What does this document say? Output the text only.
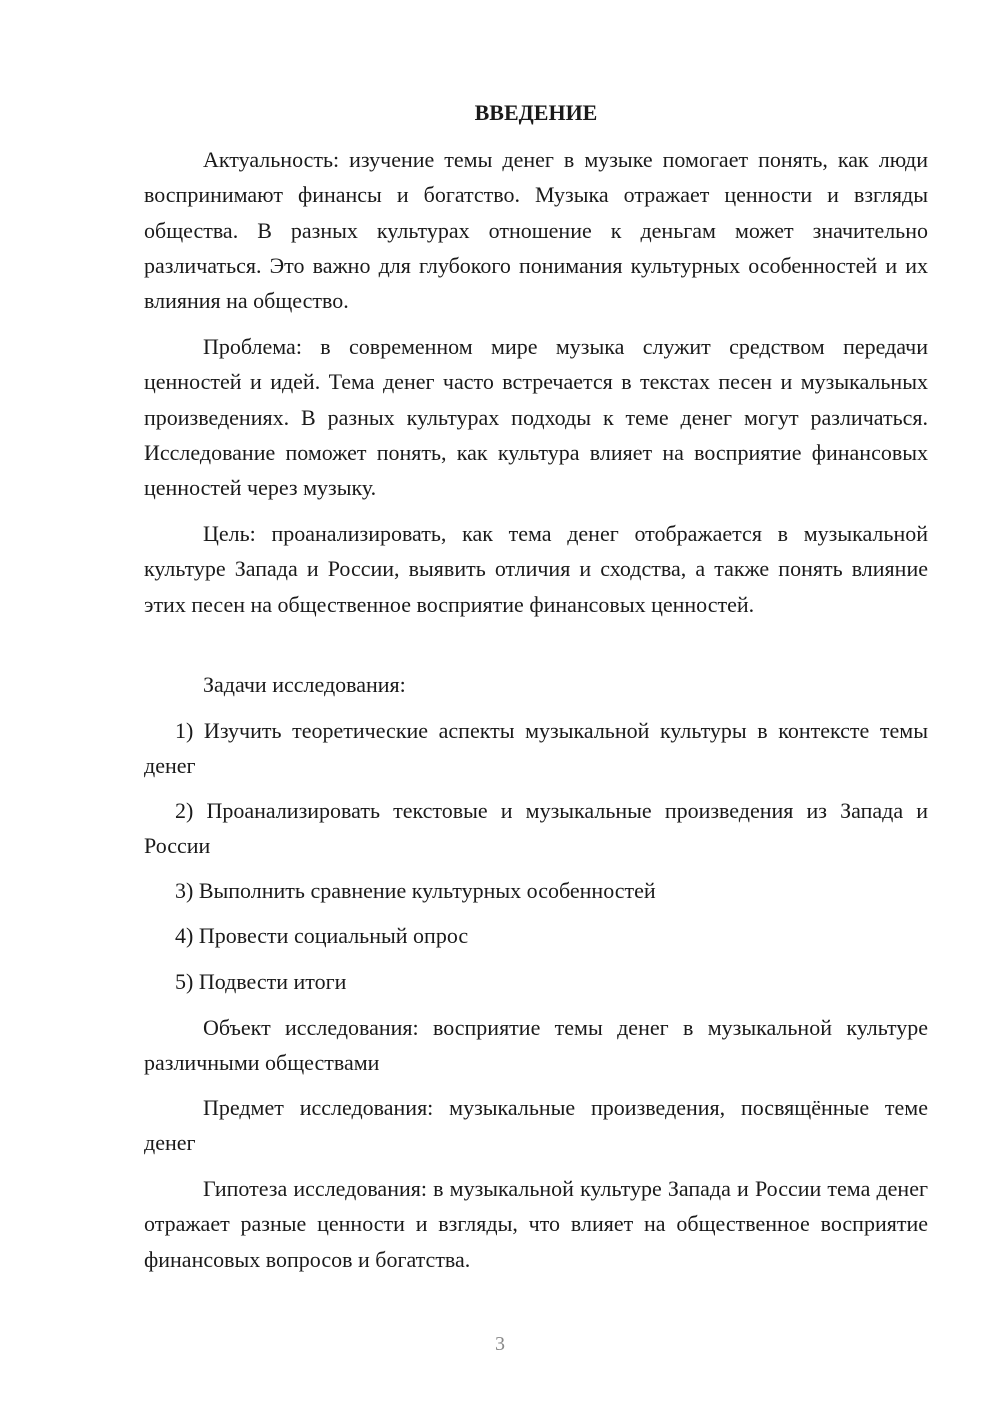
ВВЕДЕНИЕ

Актуальность: изучение темы денег в музыке помогает понять, как люди воспринимают финансы и богатство. Музыка отражает ценности и взгляды общества. В разных культурах отношение к деньгам может значительно различаться. Это важно для глубокого понимания культурных особенностей и их влияния на общество.

Проблема: в современном мире музыка служит средством передачи ценностей и идей. Тема денег часто встречается в текстах песен и музыкальных произведениях. В разных культурах подходы к теме денег могут различаться. Исследование поможет понять, как культура влияет на восприятие финансовых ценностей через музыку.

Цель: проанализировать, как тема денег отображается в музыкальной культуре Запада и России, выявить отличия и сходства, а также понять влияние этих песен на общественное восприятие финансовых ценностей.

Задачи исследования:

1) Изучить теоретические аспекты музыкальной культуры в контексте темы денег

2) Проанализировать текстовые и музыкальные произведения из Запада и России

3) Выполнить сравнение культурных особенностей

4) Провести социальный опрос

5) Подвести итоги

Объект исследования: восприятие темы денег в музыкальной культуре различными обществами

Предмет исследования: музыкальные произведения, посвящённые теме денег

Гипотеза исследования: в музыкальной культуре Запада и России тема денег отражает разные ценности и взгляды, что влияет на общественное восприятие финансовых вопросов и богатства.

3
